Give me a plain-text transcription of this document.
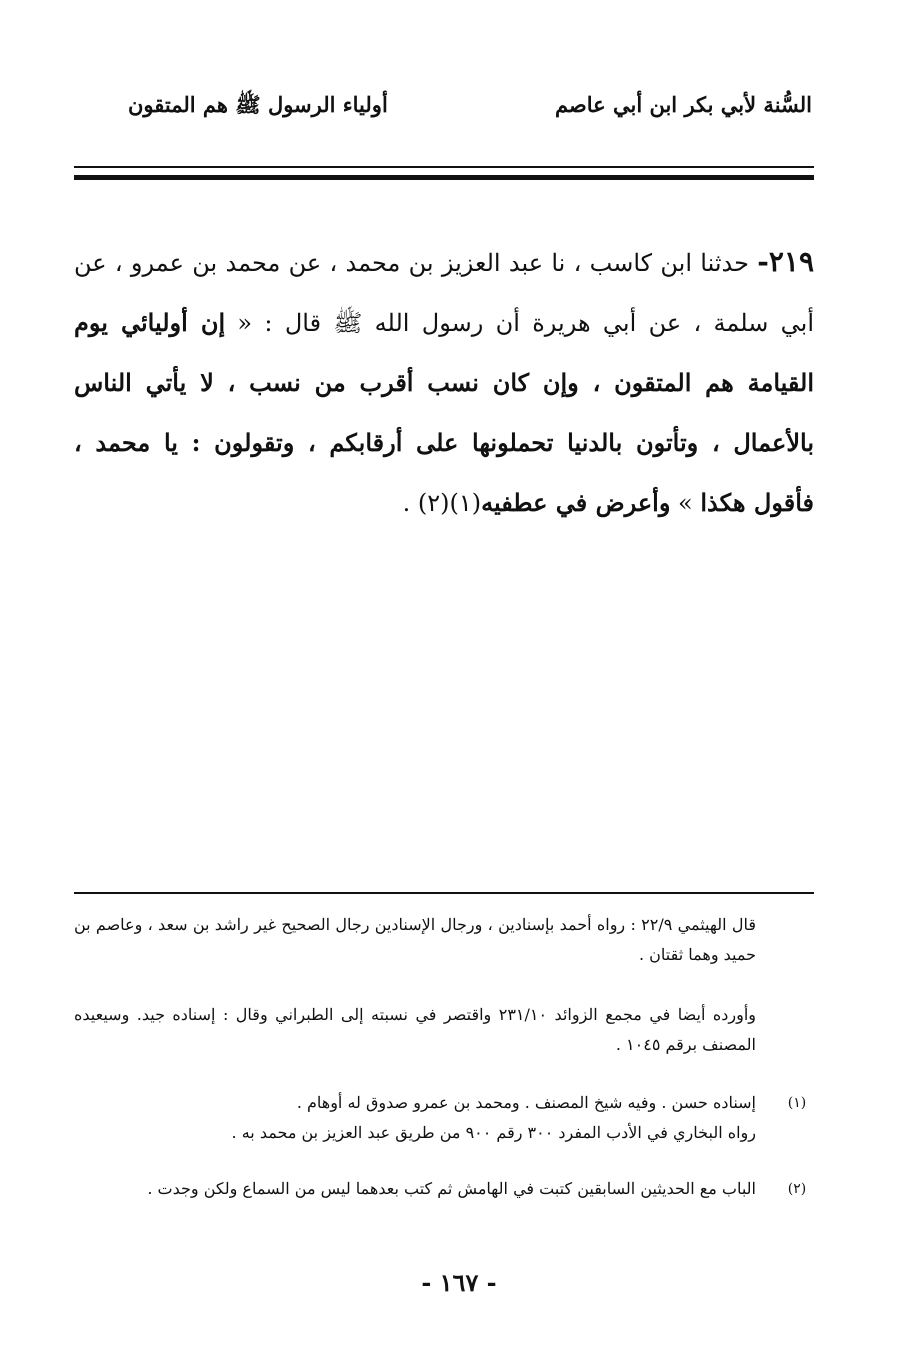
السُّنة لأبي بكر ابن أبي عاصم
أولياء الرسول ﷺ هم المتقون
٢١٩- حدثنا ابن كاسب ، نا عبد العزيز بن محمد ، عن محمد بن عمرو ، عن أبي سلمة ، عن أبي هريرة أن رسول الله ﷺ قال : « إن أوليائي يوم القيامة هم المتقون ، وإن كان نسب أقرب من نسب ، لا يأتي الناس بالأعمال ، وتأتون بالدنيا تحملونها على أرقابكم ، وتقولون : يا محمد ، فأقول هكذا » وأعرض في عطفيه(١)(٢) .
قال الهيثمي ٢٢/٩ : رواه أحمد بإسنادين ، ورجال الإسنادين رجال الصحيح غير راشد بن سعد ، وعاصم بن حميد وهما ثقتان .
وأورده أيضا في مجمع الزوائد ٢٣١/١٠ واقتصر في نسبته إلى الطبراني وقال : إسناده جيد. وسيعيده المصنف برقم ١٠٤٥ .
(١)
إسناده حسن . وفيه شيخ المصنف . ومحمد بن عمرو صدوق له أوهام .
رواه البخاري في الأدب المفرد ٣٠٠ رقم ٩٠٠ من طريق عبد العزيز بن محمد به .
(٢)
الباب مع الحديثين السابقين كتبت في الهامش ثم كتب بعدهما ليس من السماع ولكن وجدت .
- ١٦٧ -
